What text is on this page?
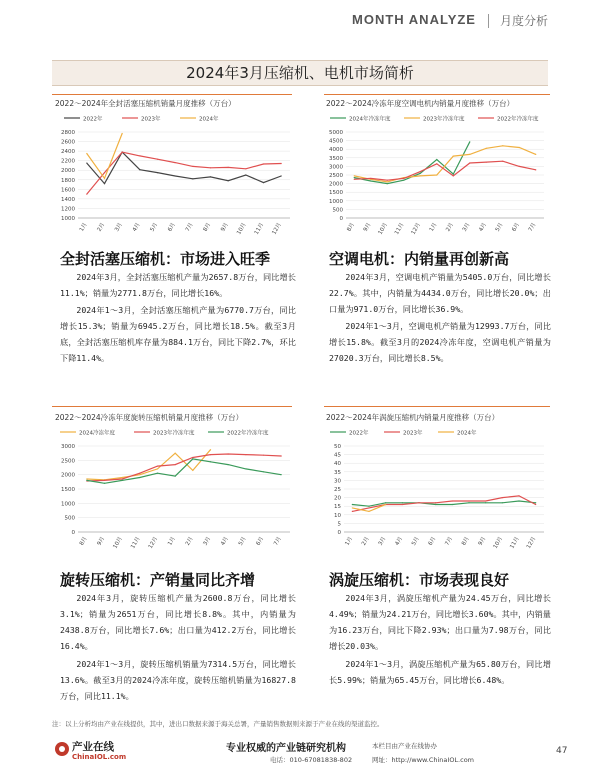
MONTH ANALYZE 月度分析
2024年3月压缩机、电机市场简析
2022～2024年全封活塞压缩机销量月度推移（万台）
2022年	2023年	2024年
1000
1200
1400
1600
1800
2000
2200
2400
2600
2800
1月	2月	3月	4月	5月	6月	7月	8月	9月	10月	11月	12月
全封活塞压缩机：市场进入旺季

2024年3月，全封活塞压缩机产量为2657.8万台，同比增长11.1%；销量为2771.8万台，同比增长16%。

2024年1～3月，全封活塞压缩机产量为6770.7万台，同比增长15.3%；销量为6945.2万台，同比增长18.5%。截至3月底，全封活塞压缩机库存量为884.1万台，同比下降2.7%，环比下降11.4%。

2022～2024冷冻年度空调电机内销量月度推移（万台）
2024年冷冻年度	2023年冷冻年度	2022年冷冻年度
0
500
1000
1500
2000
2500
3000
3500
4000
4500
5000
8月	9月 10月 11月 12月	1月	2月	3月	4月	5月	6月	7月
空调电机：内销量再创新高

2024年3月，空调电机产销量为5405.0万台，同比增长22.7%。其中，内销量为4434.0万台，同比增长20.0%；出口量为971.0万台，同比增长36.9%。

2024年1～3月，空调电机产销量为12993.7万台，同比增长15.8%。截至3月的2024冷冻年度，空调电机产销量为27020.3万台，同比增长8.5%。

2022～2024冷冻年度旋转压缩机销量月度推移（万台）
2024冷冻年度	2023年冷冻年度	2022年冷冻年度
0
500
1000
1500
2000
2500
3000
8月	9月	10月	11月	12月	1月	2月	3月	4月	5月	6月	7月
旋转压缩机：产销量同比齐增

2024年3月，旋转压缩机产量为2600.8万台，同比增长3.1%；销量为2651万台，同比增长8.8%。其中，内销量为2438.8万台，同比增长7.6%；出口量为412.2万台，同比增长16.4%。

2024年1～3月，旋转压缩机销量为7314.5万台，同比增长13.6%。截至3月的2024冷冻年度，旋转压缩机销量为16827.8万台，同比11.1%。

2022～2024年涡旋压缩机内销量月度推移（万台）
2022年	2023年	2024年
0
5
10
15
20
25
30
35
40
45
50
1月	2月	3月	4月	5月	6月	7月	8月	9月 10月 11月 12月
涡旋压缩机：市场表现良好

2024年3月，涡旋压缩机产量为24.45万台，同比增长4.49%；销量为24.21万台，同比增长3.60%。其中，内销量为16.23万台，同比下降2.93%；出口量为7.98万台，同比增长20.03%。

2024年1～3月，涡旋压缩机产量为65.80万台，同比增长5.99%；销量为65.45万台，同比增长6.48%。

注：以上分析均由产业在线提供，其中，进出口数据来源于海关总署，产量销售数据则来源于产业在线的渠道监控。
产业在线
ChinaIOL.com
专业权威的产业链研究机构
电话：010-67081838-802
本栏目由产业在线协办
网址：http://www.ChinaIOL.com
47
